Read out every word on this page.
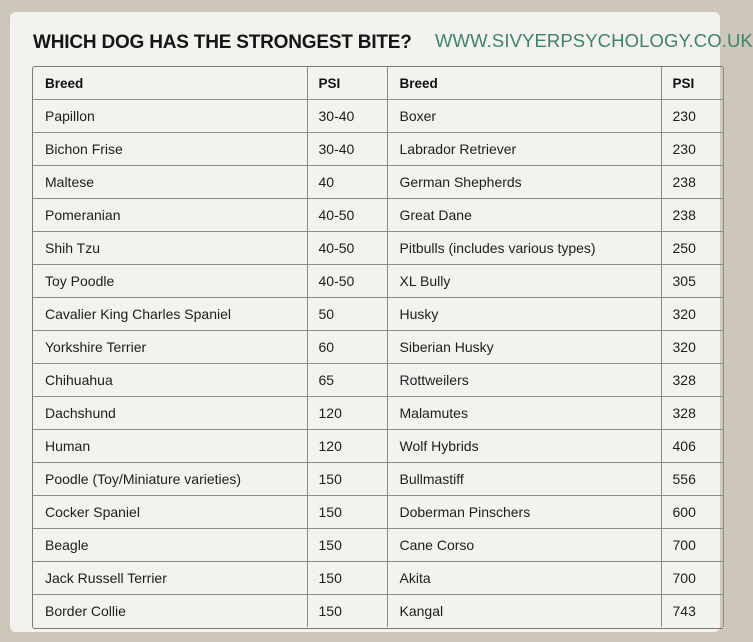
WHICH DOG HAS THE STRONGEST BITE? WWW.SIVYERPSYCHOLOGY.CO.UK
Breed	PSI	Breed	PSI
Papillon	30-40	Boxer	230
Bichon Frise	30-40	Labrador Retriever	230
Maltese	40	German Shepherds	238
Pomeranian	40-50	Great Dane	238
Shih Tzu	40-50	Pitbulls (includes various types)	250
Toy Poodle	40-50	XL Bully	305
Cavalier King Charles Spaniel	50	Husky	320
Yorkshire Terrier	60	Siberian Husky	320
Chihuahua	65	Rottweilers	328
Dachshund	120	Malamutes	328
Human	120	Wolf Hybrids	406
Poodle (Toy/Miniature varieties)	150	Bullmastiff	556
Cocker Spaniel	150	Doberman Pinschers	600
Beagle	150	Cane Corso	700
Jack Russell Terrier	150	Akita	700
Border Collie	150	Kangal	743
